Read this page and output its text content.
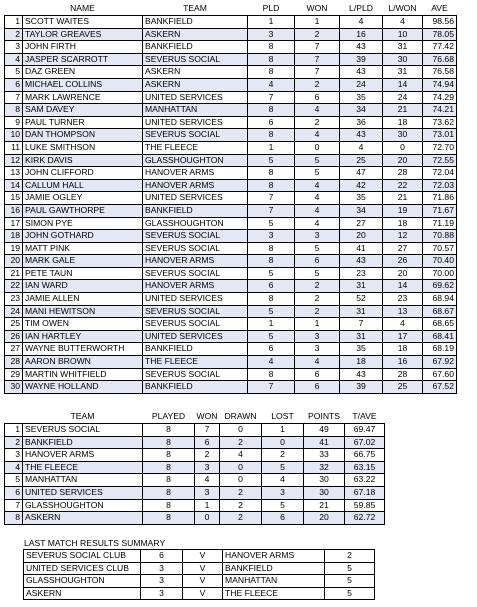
	NAME	TEAM	PLD	WON	L/PLD	L/WON	AVE
1	SCOTT WAITES	BANKFIELD	1	1	4	4	98.56
2	TAYLOR GREAVES	ASKERN	3	2	16	10	78.05
3	JOHN FIRTH	BANKFIELD	8	7	43	31	77.42
4	JASPER SCARROTT	SEVERUS SOCIAL	8	7	39	30	76.68
5	DAZ GREEN	ASKERN	8	7	43	31	76.58
6	MICHAEL COLLINS	ASKERN	4	2	24	14	74.94
7	MARK LAWRENCE	UNITED SERVICES	7	6	35	24	74.29
8	SAM DAVEY	MANHATTAN	8	4	34	21	74.21
9	PAUL TURNER	UNITED SERVICES	6	2	36	18	73.62
10	DAN THOMPSON	SEVERUS SOCIAL	8	4	43	30	73.01
11	LUKE SMITHSON	THE FLEECE	1	0	4	0	72.70
12	KIRK DAVIS	GLASSHOUGHTON	5	5	25	20	72.55
13	JOHN CLIFFORD	HANOVER ARMS	8	5	47	28	72.04
14	CALLUM HALL	HANOVER ARMS	8	4	42	22	72.03
15	JAMIE OGLEY	UNITED SERVICES	7	4	35	21	71.86
16	PAUL GAWTHORPE	BANKFIELD	7	4	34	19	71.67
17	SIMON PYE	GLASSHOUGHTON	5	4	27	18	71.19
18	JOHN GOTHARD	SEVERUS SOCIAL	3	3	20	12	70.88
19	MATT PINK	SEVERUS SOCIAL	8	5	41	27	70.57
20	MARK GALE	HANOVER ARMS	8	6	43	26	70.40
21	PETE TAUN	SEVERUS SOCIAL	5	5	23	20	70.00
22	IAN WARD	HANOVER ARMS	6	2	31	14	69.62
23	JAMIE ALLEN	UNITED SERVICES	8	2	52	23	68.94
24	MANI HEWITSON	SEVERUS SOCIAL	5	2	31	13	68.67
25	TIM OWEN	SEVERUS SOCIAL	1	1	7	4	68.65
26	IAN HARTLEY	UNITED SERVICES	5	3	31	17	68.41
27	WAYNE BUTTERWORTH	BANKFIELD	6	3	35	18	68.19
28	AARON BROWN	THE FLEECE	4	4	18	16	67.92
29	MARTIN WHITFIELD	SEVERUS SOCIAL	8	6	43	28	67.60
30	WAYNE HOLLAND	BANKFIELD	7	6	39	25	67.52
	TEAM	PLAYED	WON	DRAWN	LOST	POINTS	T/AVE
1	SEVERUS SOCIAL	8	7	0	1	49	69.47
2	BANKFIELD	8	6	2	0	41	67.02
3	HANOVER ARMS	8	2	4	2	33	66.75
4	THE FLEECE	8	3	0	5	32	63.15
5	MANHATTAN	8	4	0	4	30	63.22
6	UNITED SERVICES	8	3	2	3	30	67.18
7	GLASSHOUGHTON	8	1	2	5	21	59.85
8	ASKERN	8	0	2	6	20	62.72
LAST MATCH RESULTS SUMMARY
SEVERUS SOCIAL CLUB	6	V	HANOVER ARMS	2
UNITED SERVICES CLUB	3	V	BANKFIELD	5
GLASSHOUGHTON	3	V	MANHATTAN	5
ASKERN	3	V	THE FLEECE	5
